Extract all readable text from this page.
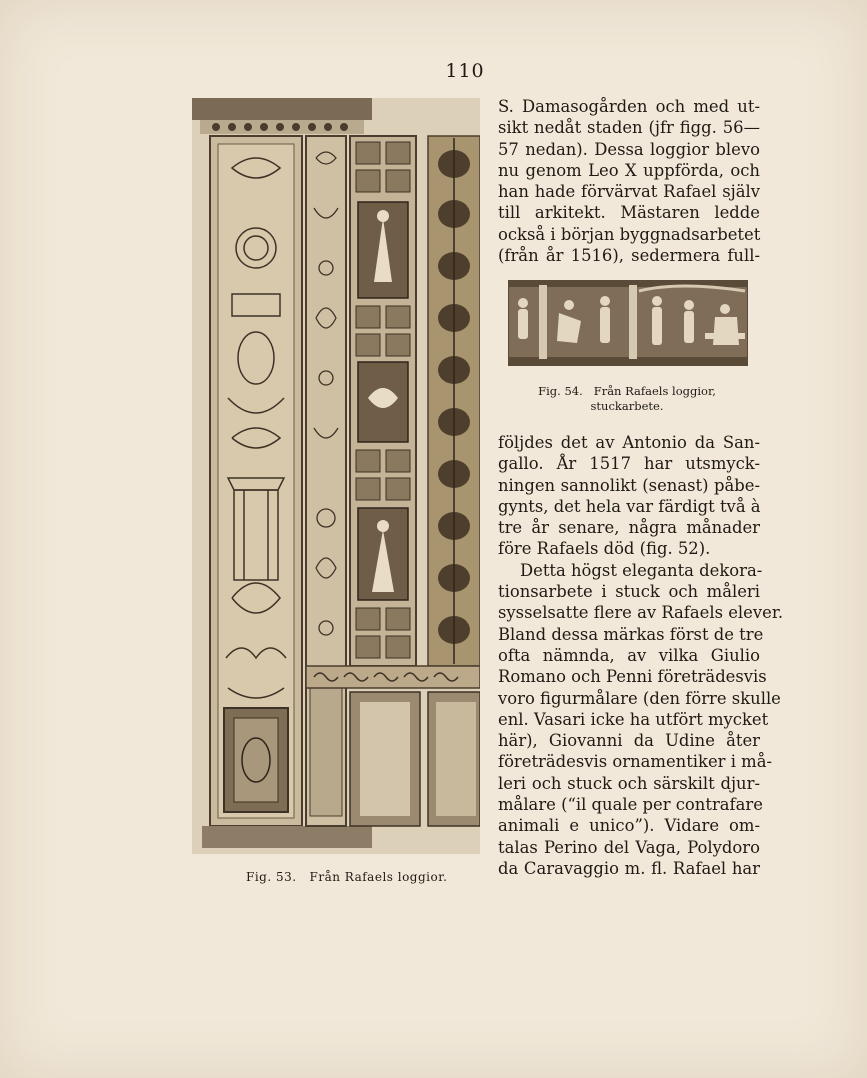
110
Fig. 53. Från Rafaels loggior.
S. Damasogården och med ut-
sikt nedåt staden (jfr figg. 56—
57 nedan). Dessa loggior blevo
nu genom Leo X uppförda, och
han hade förvärvat Rafael själv
till arkitekt. Mästaren ledde
också i början byggnadsarbetet
(från år 1516), sedermera full-
Fig. 54. Från Rafaels loggior,
stuckarbete.
följdes det av Antonio da San-
gallo. År 1517 har utsmyck-
ningen sannolikt (senast) påbe-
gynts, det hela var färdigt två à
tre år senare, några månader
före Rafaels död (fig. 52).
Detta högst eleganta dekora-
tionsarbete i stuck och måleri
sysselsatte flere av Rafaels elever.
Bland dessa märkas först de tre
ofta nämnda, av vilka Giulio
Romano och Penni företrädesvis
voro figurmålare (den förre skulle
enl. Vasari icke ha utfört mycket
här), Giovanni da Udine åter
företrädesvis ornamentiker i må-
leri och stuck och särskilt djur-
målare (“il quale per contrafare
animali e unico”). Vidare om-
talas Perino del Vaga, Polydoro
da Caravaggio m. fl. Rafael har
